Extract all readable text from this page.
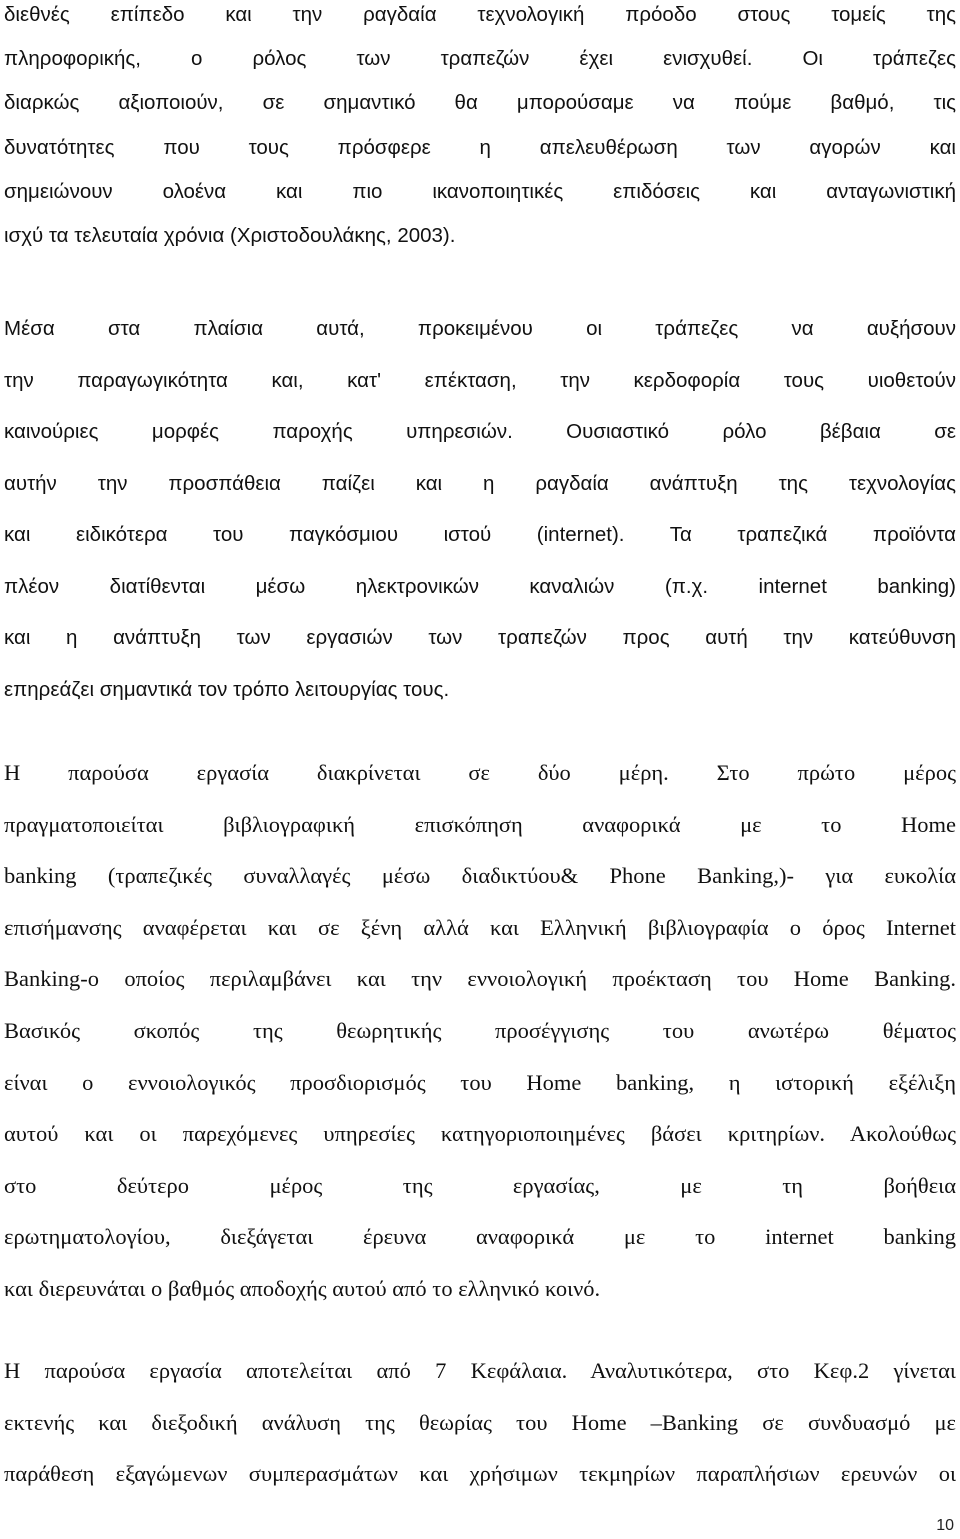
διεθνές επίπεδο και την ραγδαία τεχνολογική πρόοδο στους τομείς της
πληροφορικής, ο ρόλος των τραπεζών έχει ενισχυθεί. Οι τράπεζες
διαρκώς αξιοποιούν, σε σημαντικό θα μπορούσαμε να πούμε βαθμό, τις
δυνατότητες που τους πρόσφερε η απελευθέρωση των αγορών και
σημειώνουν ολοένα και πιο ικανοποιητικές επιδόσεις και ανταγωνιστική
ισχύ τα τελευταία χρόνια (Χριστοδουλάκης, 2003).
Μέσα στα πλαίσια αυτά, προκειμένου οι τράπεζες να αυξήσουν
την παραγωγικότητα και, κατ' επέκταση, την κερδοφορία τους υιοθετούν
καινούριες μορφές παροχής υπηρεσιών. Ουσιαστικό ρόλο βέβαια σε
αυτήν την προσπάθεια παίζει και η ραγδαία ανάπτυξη της τεχνολογίας
και ειδικότερα του παγκόσμιου ιστού (internet). Τα τραπεζικά προϊόντα
πλέον διατίθενται μέσω ηλεκτρονικών καναλιών (π.χ. internet banking)
και η ανάπτυξη των εργασιών των τραπεζών προς αυτή την κατεύθυνση
επηρεάζει σημαντικά τον τρόπο λειτουργίας τους.
Η παρούσα εργασία διακρίνεται σε δύο μέρη. Στο πρώτο μέρος
πραγματοποιείται βιβλιογραφική επισκόπηση αναφορικά με το Home
banking (τραπεζικές συναλλαγές μέσω διαδικτύου& Phone Banking,)- για ευκολία
επισήμανσης αναφέρεται και σε ξένη αλλά και Ελληνική βιβλιογραφία ο όρος Internet
Banking-ο οποίος περιλαμβάνει και την εννοιολογική προέκταση του Home Banking.
Βασικός σκοπός της θεωρητικής προσέγγισης του ανωτέρω θέματος
είναι ο εννοιολογικός προσδιορισμός του Home banking, η ιστορική εξέλιξη
αυτού και οι παρεχόμενες υπηρεσίες κατηγοριοποιημένες βάσει κριτηρίων. Ακολούθως
στο δεύτερο μέρος της εργασίας, με τη βοήθεια
ερωτηματολογίου, διεξάγεται έρευνα αναφορικά με το internet banking
και διερευνάται ο βαθμός αποδοχής αυτού από το ελληνικό κοινό.
Η παρούσα εργασία αποτελείται από 7 Κεφάλαια. Αναλυτικότερα, στο Κεφ.2 γίνεται
εκτενής και διεξοδική ανάλυση της θεωρίας του Home –Banking σε συνδυασμό με
παράθεση εξαγώμενων συμπερασμάτων και χρήσιμων τεκμηρίων παραπλήσιων ερευνών οι
10
